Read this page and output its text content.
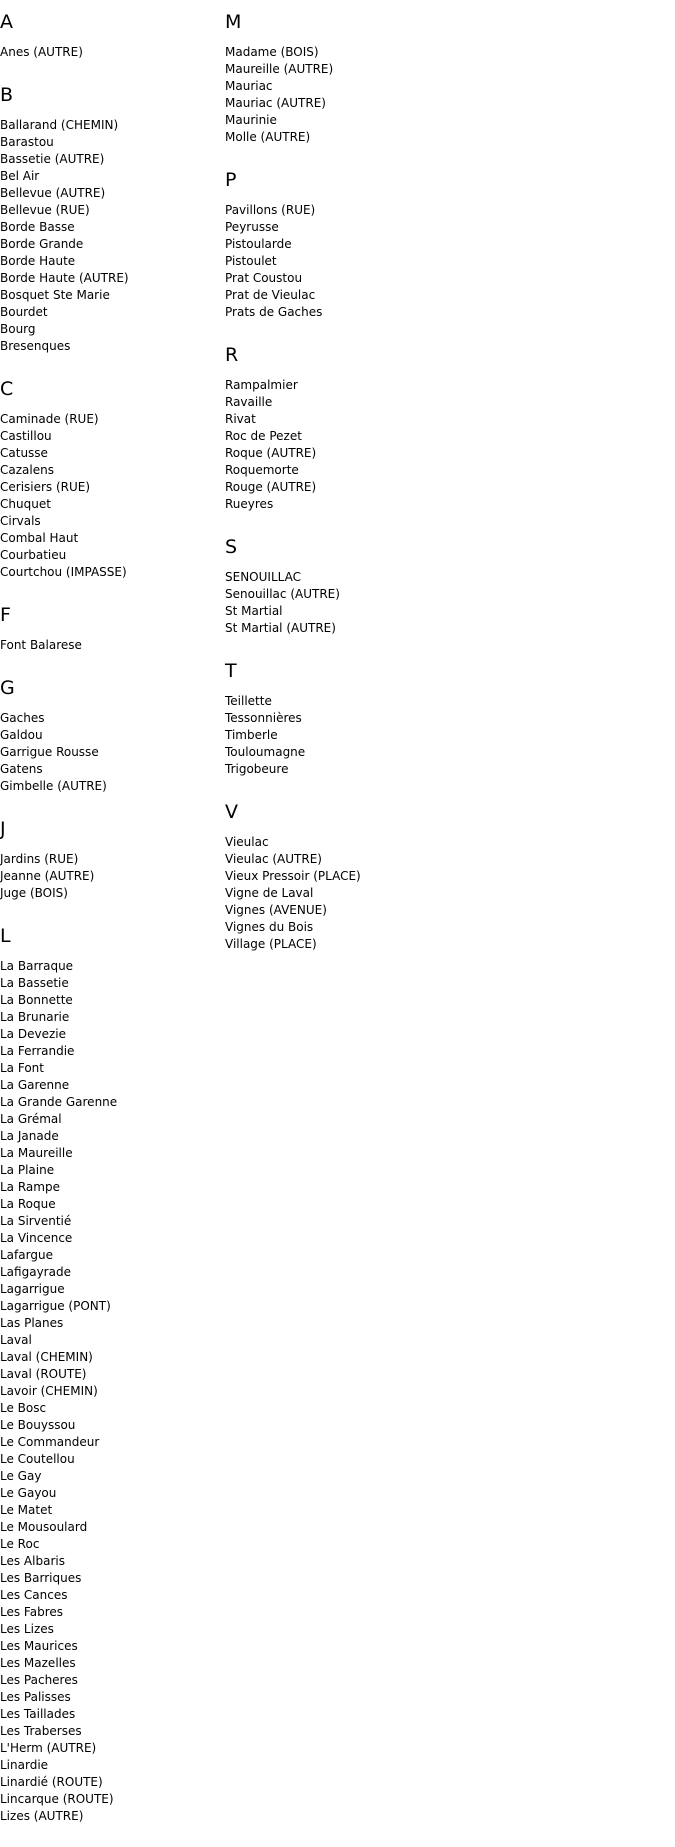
A
Anes (AUTRE)
B
Ballarand (CHEMIN)
Barastou
Bassetie (AUTRE)
Bel Air
Bellevue (AUTRE)
Bellevue (RUE)
Borde Basse
Borde Grande
Borde Haute
Borde Haute (AUTRE)
Bosquet Ste Marie
Bourdet
Bourg
Bresenques
C
Caminade (RUE)
Castillou
Catusse
Cazalens
Cerisiers (RUE)
Chuquet
Cirvals
Combal Haut
Courbatieu
Courtchou (IMPASSE)
F
Font Balarese
G
Gaches
Galdou
Garrigue Rousse
Gatens
Gimbelle (AUTRE)
J
Jardins (RUE)
Jeanne (AUTRE)
Juge (BOIS)
L
La Barraque
La Bassetie
La Bonnette
La Brunarie
La Devezie
La Ferrandie
La Font
La Garenne
La Grande Garenne
La Grémal
La Janade
La Maureille
La Plaine
La Rampe
La Roque
La Sirventié
La Vincence
Lafargue
Lafigayrade
Lagarrigue
Lagarrigue (PONT)
Las Planes
Laval
Laval (CHEMIN)
Laval (ROUTE)
Lavoir (CHEMIN)
Le Bosc
Le Bouyssou
Le Commandeur
Le Coutellou
Le Gay
Le Gayou
Le Matet
Le Mousoulard
Le Roc
Les Albaris
Les Barriques
Les Cances
Les Fabres
Les Lizes
Les Maurices
Les Mazelles
Les Pacheres
Les Palisses
Les Taillades
Les Traberses
L'Herm (AUTRE)
Linardie
Linardié (ROUTE)
Lincarque (ROUTE)
Lizes (AUTRE)
M
Madame (BOIS)
Maureille (AUTRE)
Mauriac
Mauriac (AUTRE)
Maurinie
Molle (AUTRE)
P
Pavillons (RUE)
Peyrusse
Pistoularde
Pistoulet
Prat Coustou
Prat de Vieulac
Prats de Gaches
R
Rampalmier
Ravaille
Rivat
Roc de Pezet
Roque (AUTRE)
Roquemorte
Rouge (AUTRE)
Rueyres
S
SENOUILLAC
Senouillac (AUTRE)
St Martial
St Martial (AUTRE)
T
Teillette
Tessonnières
Timberle
Touloumagne
Trigobeure
V
Vieulac
Vieulac (AUTRE)
Vieux Pressoir (PLACE)
Vigne de Laval
Vignes (AVENUE)
Vignes du Bois
Village (PLACE)
